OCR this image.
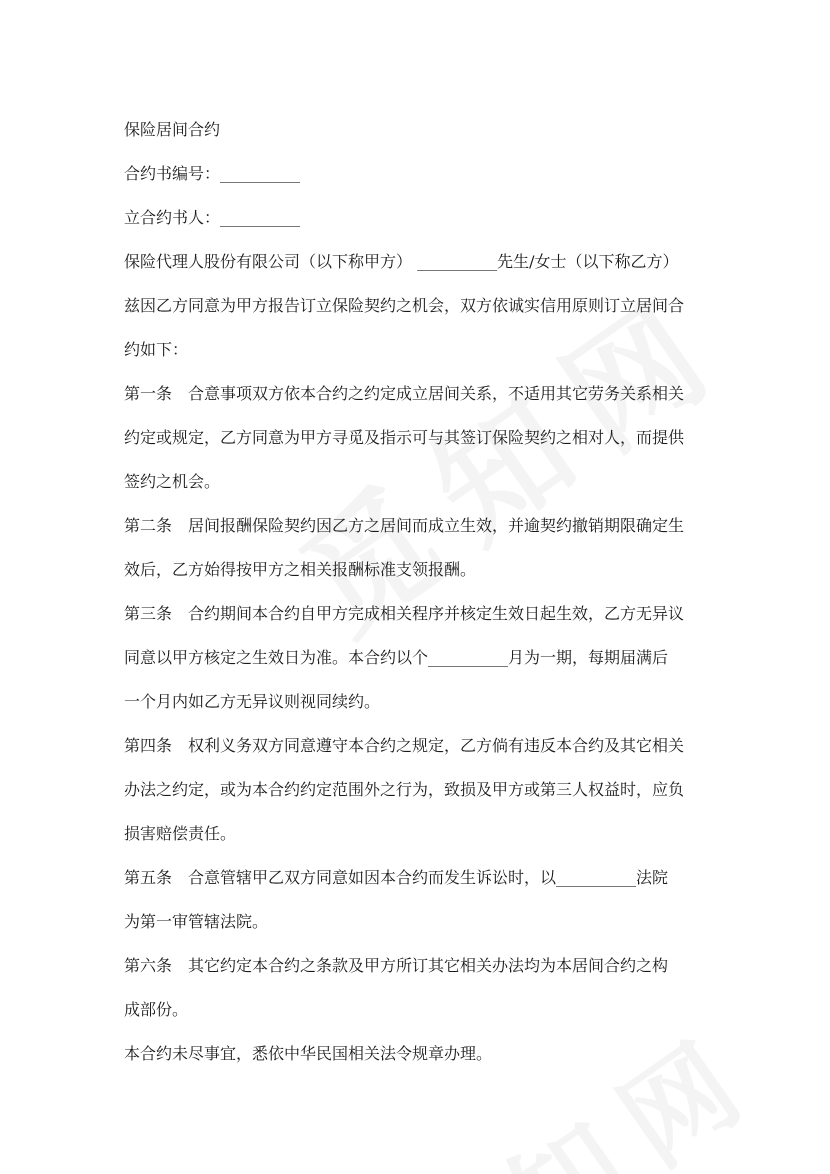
保险居间合约

合约书编号：__________

立合约书人：__________

保险代理人股份有限公司（以下称甲方） __________先生/女士（以下称乙方）

兹因乙方同意为甲方报告订立保险契约之机会，双方依诚实信用原则订立居间合
约如下：
第一条 合意事项双方依本合约之约定成立居间关系，不适用其它劳务关系相关
约定或规定，乙方同意为甲方寻觅及指示可与其签订保险契约之相对人，而提供
签约之机会。
第二条 居间报酬保险契约因乙方之居间而成立生效，并逾契约撤销期限确定生
效后，乙方始得按甲方之相关报酬标准支领报酬。
第三条 合约期间本合约自甲方完成相关程序并核定生效日起生效，乙方无异议
同意以甲方核定之生效日为准。本合约以个__________月为一期，每期届满后
一个月内如乙方无异议则视同续约。
第四条 权利义务双方同意遵守本合约之规定，乙方倘有违反本合约及其它相关
办法之约定，或为本合约约定范围外之行为，致损及甲方或第三人权益时，应负
损害赔偿责任。
第五条 合意管辖甲乙双方同意如因本合约而发生诉讼时，以__________法院
为第一审管辖法院。
第六条 其它约定本合约之条款及甲方所订其它相关办法均为本居间合约之构
成部份。

本合约未尽事宜，悉依中华民国相关法令规章办理。
